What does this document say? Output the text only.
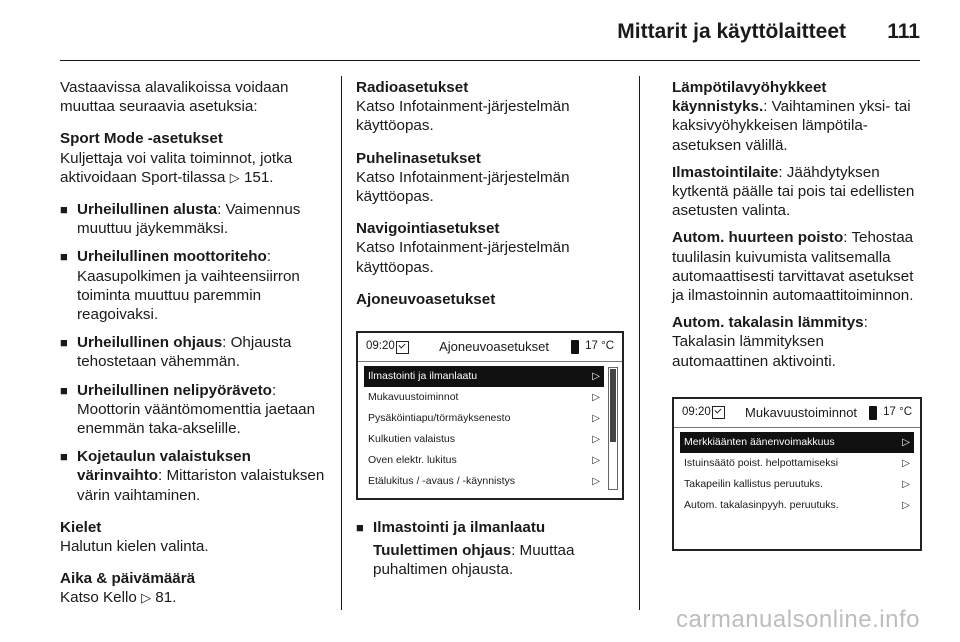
Mittarit ja käyttölaitteet 111

Vastaavissa alavalikoissa voidaan muuttaa seuraavia asetuksia:

Sport Mode -asetukset
Kuljettaja voi valita toiminnot, jotka aktivoidaan Sport-tilassa ▷ 151.

■ Urheilullinen alusta: Vaimennus muuttuu jäykemmäksi.
■ Urheilullinen moottoriteho: Kaasupolkimen ja vaihteensiirron toiminta muuttuu paremmin reagoivaksi.
■ Urheilullinen ohjaus: Ohjausta tehostetaan vähemmän.
■ Urheilullinen nelipyöräveto: Moottorin vääntömomenttia jaetaan enemmän taka-akselille.
■ Kojetaulun valaistuksen värinvaihto: Mittariston valaistuksen värin vaihtaminen.

Kielet
Halutun kielen valinta.

Aika & päivämäärä
Katso Kello ▷ 81.

Radioasetukset
Katso Infotainment-järjestelmän käyttöopas.

Puhelinasetukset
Katso Infotainment-järjestelmän käyttöopas.

Navigointiasetukset
Katso Infotainment-järjestelmän käyttöopas.

Ajoneuvoasetukset

09:20	Ajoneuvoasetukset	17 °C
Ilmastointi ja ilmanlaatu	▷
Mukavuustoiminnot	▷
Pysäköintiapu/törmäyksenesto	▷
Kulkutien valaistus	▷
Oven elektr. lukitus	▷
Etälukitus / -avaus / -käynnistys	▷
■ Ilmastointi ja ilmanlaatu
Tuulettimen ohjaus: Muuttaa puhaltimen ohjausta.

Lämpötilavyöhykkeet käynnistyks.: Vaihtaminen yksi- tai kaksivyöhykkeisen lämpötila-asetuksen välillä.

Ilmastointilaite: Jäähdytyksen kytkentä päälle tai pois tai edellisten asetusten valinta.

Autom. huurteen poisto: Tehostaa tuulilasin kuivumista valitsemalla automaattisesti tarvittavat asetukset ja ilmastoinnin automaattitoiminnon.

Autom. takalasin lämmitys: Takalasin lämmityksen automaattinen aktivointi.

09:20	Mukavuustoiminnot	17 °C
Merkkiäänten äänenvoimakkuus	▷
Istuinsäätö poist. helpottamiseksi	▷
Takapeilin kallistus peruutuks.	▷
Autom. takalasinpyyh. peruutuks.	▷
carmanualsonline.info
